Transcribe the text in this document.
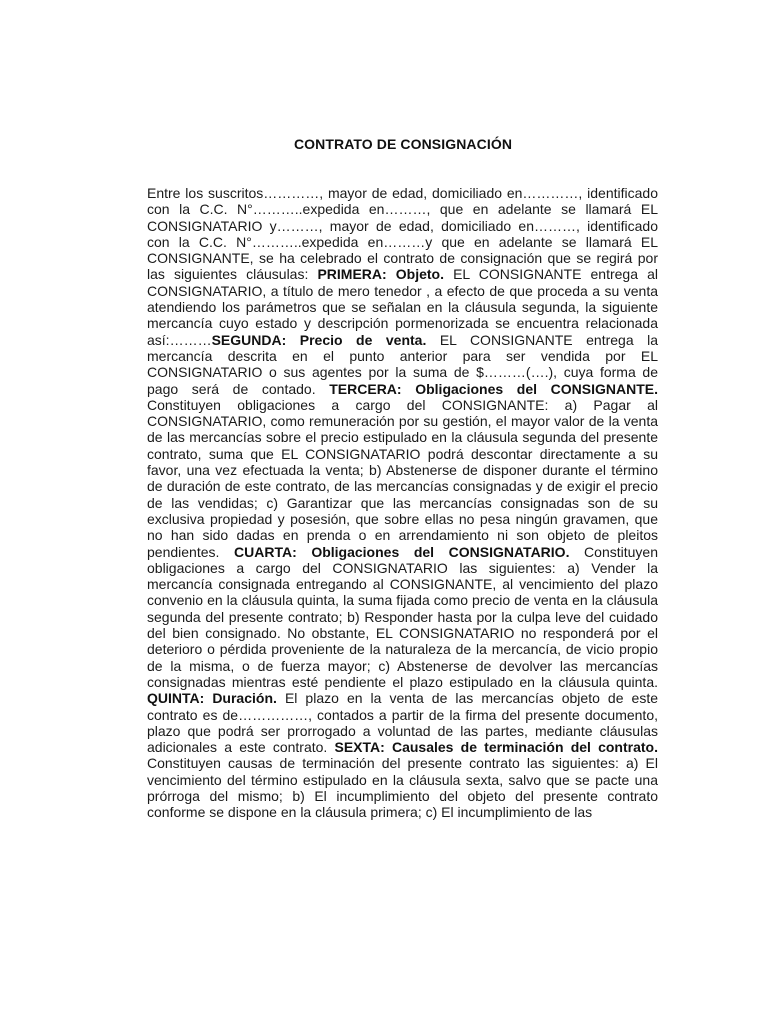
CONTRATO DE CONSIGNACIÓN

Entre los suscritos…………, mayor de edad, domiciliado en…………, identificado con la C.C. N°………..expedida en………, que en adelante se llamará EL CONSIGNATARIO y………, mayor de edad, domiciliado en………, identificado con la C.C. N°………..expedida en………y que en adelante se llamará EL CONSIGNANTE, se ha celebrado el contrato de consignación que se regirá por las siguientes cláusulas: PRIMERA: Objeto. EL CONSIGNANTE entrega al CONSIGNATARIO, a título de mero tenedor , a efecto de que proceda a su venta atendiendo los parámetros que se señalan en la cláusula segunda, la siguiente mercancía cuyo estado y descripción pormenorizada se encuentra relacionada así:………SEGUNDA: Precio de venta. EL CONSIGNANTE entrega la mercancía descrita en el punto anterior para ser vendida por EL CONSIGNATARIO o sus agentes por la suma de $………(….), cuya forma de pago será de contado. TERCERA: Obligaciones del CONSIGNANTE. Constituyen obligaciones a cargo del CONSIGNANTE: a) Pagar al CONSIGNATARIO, como remuneración por su gestión, el mayor valor de la venta de las mercancías sobre el precio estipulado en la cláusula segunda del presente contrato, suma que EL CONSIGNATARIO podrá descontar directamente a su favor, una vez efectuada la venta; b) Abstenerse de disponer durante el término de duración de este contrato, de las mercancías consignadas y de exigir el precio de las vendidas; c) Garantizar que las mercancías consignadas son de su exclusiva propiedad y posesión, que sobre ellas no pesa ningún gravamen, que no han sido dadas en prenda o en arrendamiento ni son objeto de pleitos pendientes. CUARTA: Obligaciones del CONSIGNATARIO. Constituyen obligaciones a cargo del CONSIGNATARIO las siguientes: a) Vender la mercancía consignada entregando al CONSIGNANTE, al vencimiento del plazo convenio en la cláusula quinta, la suma fijada como precio de venta en la cláusula segunda del presente contrato; b) Responder hasta por la culpa leve del cuidado del bien consignado. No obstante, EL CONSIGNATARIO no responderá por el deterioro o pérdida proveniente de la naturaleza de la mercancía, de vicio propio de la misma, o de fuerza mayor; c) Abstenerse de devolver las mercancías consignadas mientras esté pendiente el plazo estipulado en la cláusula quinta. QUINTA: Duración. El plazo en la venta de las mercancías objeto de este contrato es de……………, contados a partir de la firma del presente documento, plazo que podrá ser prorrogado a voluntad de las partes, mediante cláusulas adicionales a este contrato. SEXTA: Causales de terminación del contrato. Constituyen causas de terminación del presente contrato las siguientes: a) El vencimiento del término estipulado en la cláusula sexta, salvo que se pacte una prórroga del mismo; b) El incumplimiento del objeto del presente contrato conforme se dispone en la cláusula primera; c) El incumplimiento de las
